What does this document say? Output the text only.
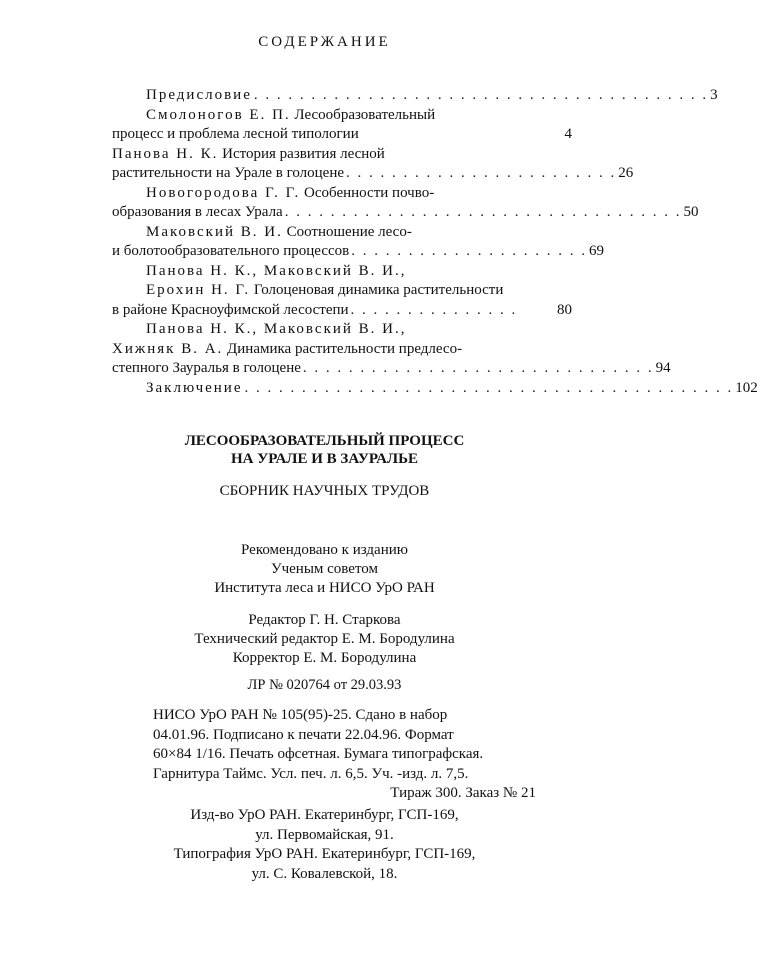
СОДЕРЖАНИЕ
Предисловие . . . . . . . . . . . . . . . . . . . . . . . . . . . . . . . . . . . . . . . . 3
Смолоногов Е. П. Лесообразовательный
процесс и проблема лесной типологии	4
Панова Н. К. История развития лесной
растительности на Урале в голоцене . . . . . . . . . . . . . . . . . . . . . . . . 26
Новогородова Г. Г. Особенности почво-
образования в лесах Урала . . . . . . . . . . . . . . . . . . . . . . . . . . . . . . . . . . . 50
Маковский В. И. Соотношение лесо-
и болотообразовательного процессов . . . . . . . . . . . . . . . . . . . . . 69
Панова Н. К., Маковский В. И.,
Ерохин Н. Г. Голоценовая динамика растительности
в районе Красноуфимской лесостепи . . . . . . . . . . . . . . .	80
Панова Н. К., Маковский В. И.,
Хижняк В. А. Динамика растительности предлесо-
степного Зауралья в голоцене . . . . . . . . . . . . . . . . . . . . . . . . . . . . . . . 94
Заключение . . . . . . . . . . . . . . . . . . . . . . . . . . . . . . . . . . . . . . . . . . . 102
ЛЕСООБРАЗОВАТЕЛЬНЫЙ ПРОЦЕСС
НА УРАЛЕ И В ЗАУРАЛЬЕ
СБОРНИК НАУЧНЫХ ТРУДОВ
Рекомендовано к изданию
Ученым советом
Института леса и НИСО УрО РАН
Редактор Г. Н. Старкова
Технический редактор Е. М. Бородулина
Корректор Е. М. Бородулина
ЛР № 020764 от 29.03.93
НИСО УрО РАН № 105(95)-25. Сдано в набор
04.01.96. Подписано к печати 22.04.96. Формат
60×84 1/16. Печать офсетная. Бумага типографская.
Гарнитура Таймс. Усл. печ. л. 6,5. Уч. -изд. л. 7,5.
Тираж 300. Заказ № 21
Изд-во УрО РАН. Екатеринбург, ГСП-169,
ул. Первомайская, 91.
Типография УрО РАН. Екатеринбург, ГСП-169,
ул. С. Ковалевской, 18.
